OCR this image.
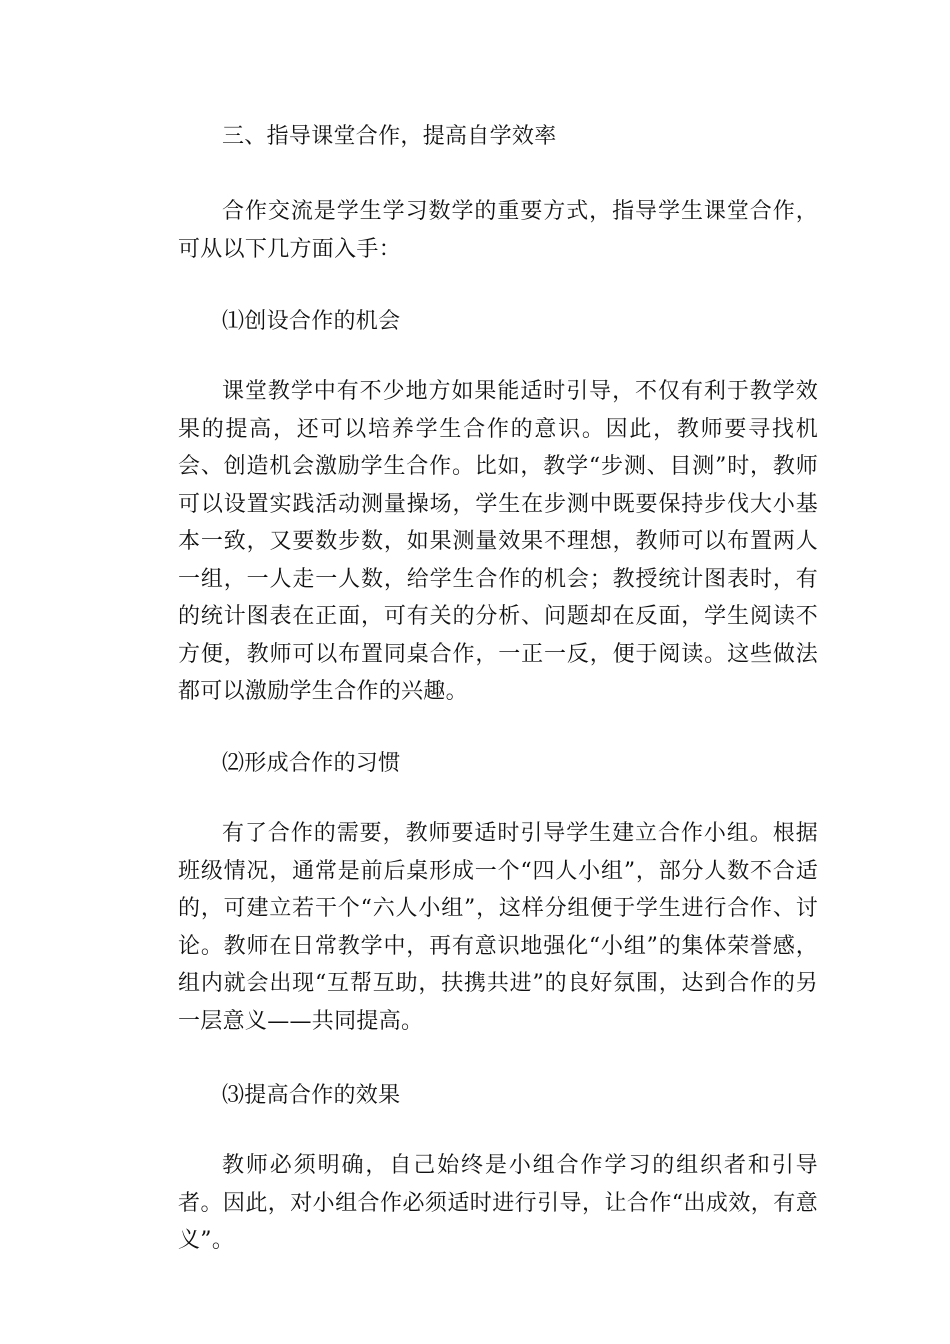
三、指导课堂合作，提高自学效率

合作交流是学生学习数学的重要方式，指导学生课堂合作，可从以下几方面入手：

⑴创设合作的机会

课堂教学中有不少地方如果能适时引导，不仅有利于教学效果的提高，还可以培养学生合作的意识。因此，教师要寻找机会、创造机会激励学生合作。比如，教学“步测、目测”时，教师可以设置实践活动测量操场，学生在步测中既要保持步伐大小基本一致，又要数步数，如果测量效果不理想，教师可以布置两人一组，一人走一人数，给学生合作的机会；教授统计图表时，有的统计图表在正面，可有关的分析、问题却在反面，学生阅读不方便，教师可以布置同桌合作，一正一反，便于阅读。这些做法都可以激励学生合作的兴趣。

⑵形成合作的习惯

有了合作的需要，教师要适时引导学生建立合作小组。根据班级情况，通常是前后桌形成一个“四人小组”，部分人数不合适的，可建立若干个“六人小组”，这样分组便于学生进行合作、讨论。教师在日常教学中，再有意识地强化“小组”的集体荣誉感，组内就会出现“互帮互助，扶携共进”的良好氛围，达到合作的另一层意义——共同提高。

⑶提高合作的效果

教师必须明确，自己始终是小组合作学习的组织者和引导者。因此，对小组合作必须适时进行引导，让合作“出成效，有意义”。
